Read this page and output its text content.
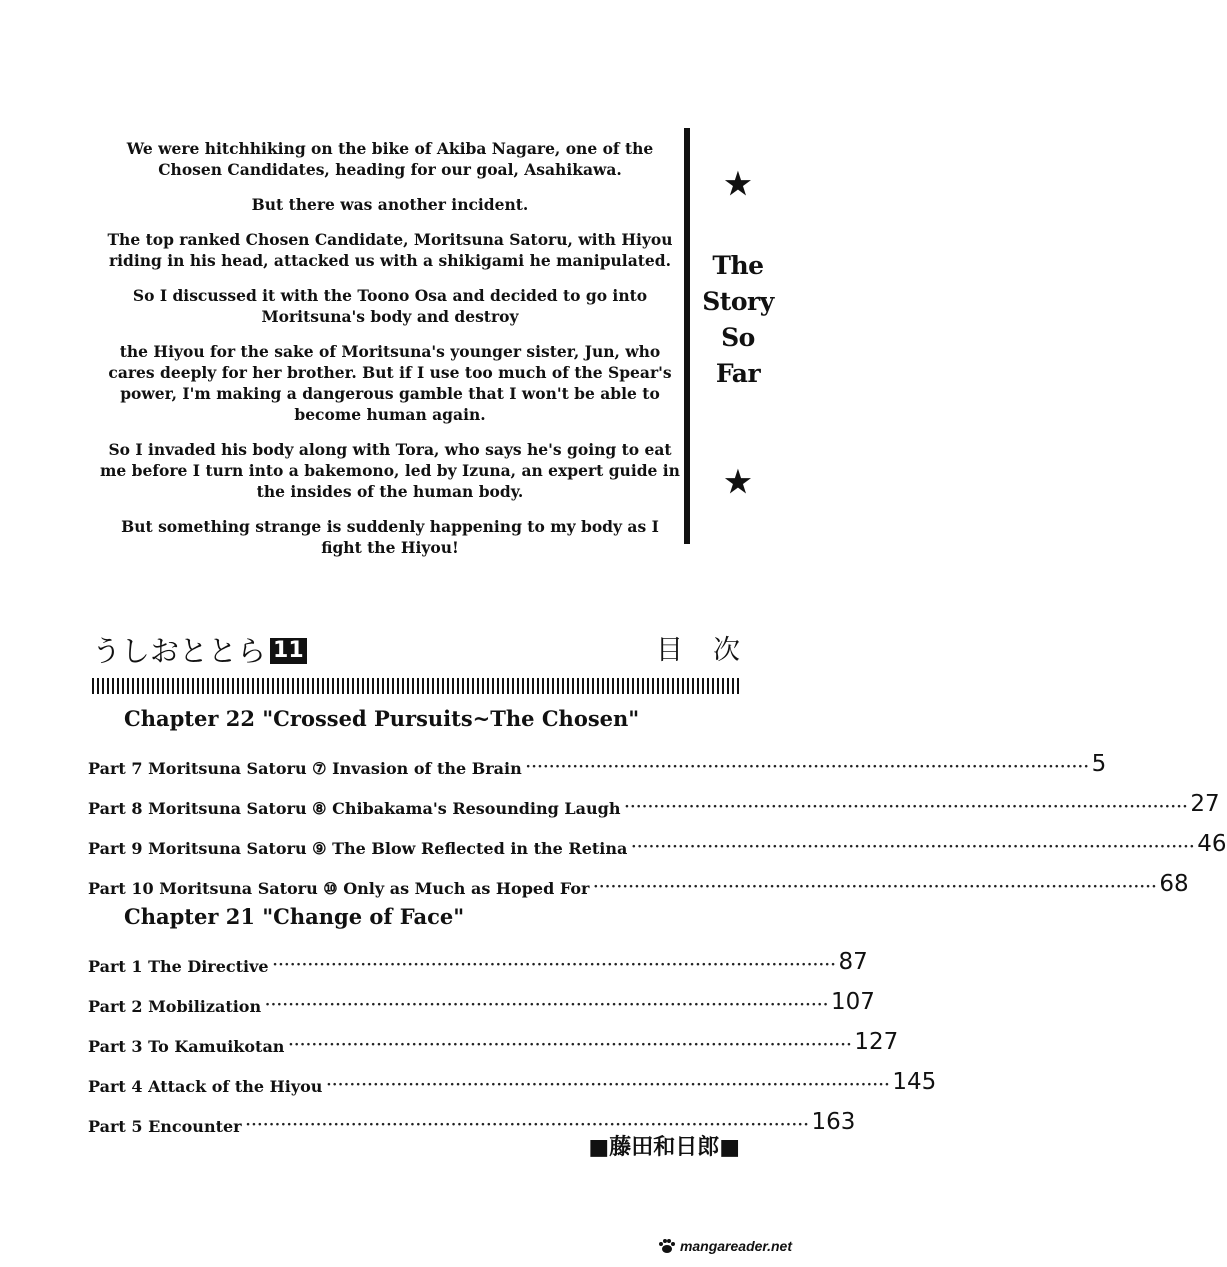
We were hitchhiking on the bike of Akiba Nagare, one of the Chosen Candidates, heading for our goal, Asahikawa.

But there was another incident.

The top ranked Chosen Candidate, Moritsuna Satoru, with Hiyou riding in his head, attacked us with a shikigami he manipulated.

So I discussed it with the Toono Osa and decided to go into Moritsuna's body and destroy

the Hiyou for the sake of Moritsuna's younger sister, Jun, who cares deeply for her brother. But if I use too much of the Spear's power, I'm making a dangerous gamble that I won't be able to become human again.

So I invaded his body along with Tora, who says he's going to eat me before I turn into a bakemono, led by Izuna, an expert guide in the insides of the human body.

But something strange is suddenly happening to my body as I fight the Hiyou!

★
The
Story
So
Far
★
うしおととら 11	目次
Chapter 22 "Crossed Pursuits~The Chosen"
Part 7 Moritsuna Satoru ⑦ Invasion of the Brain ································································································ 5
Part 8 Moritsuna Satoru ⑧ Chibakama's Resounding Laugh ································································································ 27
Part 9 Moritsuna Satoru ⑨ The Blow Reflected in the Retina ································································································ 46
Part 10 Moritsuna Satoru ⑩ Only as Much as Hoped For ································································································ 68
Chapter 21 "Change of Face"
Part 1 The Directive ································································································ 87
Part 2 Mobilization ································································································ 107
Part 3 To Kamuikotan ································································································ 127
Part 4 Attack of the Hiyou ································································································ 145
Part 5 Encounter ································································································ 163
■藤田和日郎■
mangareader.net
